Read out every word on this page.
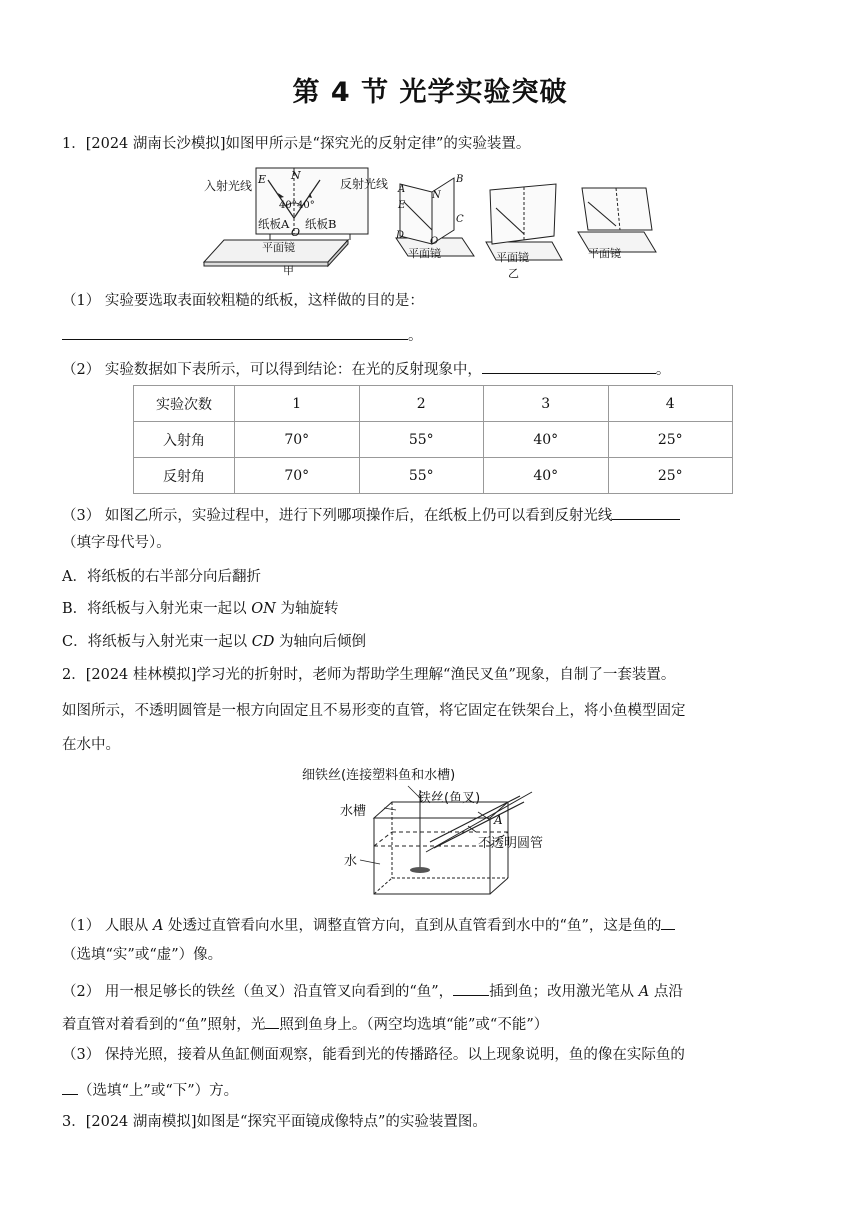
第 4 节 光学实验突破
1．[2024 湖南长沙模拟]如图甲所示是“探究光的反射定律”的实验装置。
入射光线	反射光线
E N
40° 40°
纸板A 纸板B
O
平面镜
甲
A
B
E
N
C
D
O
平面镜	平面镜	平面镜
乙
（1） 实验要选取表面较粗糙的纸板，这样做的目的是：
。
（2） 实验数据如下表所示，可以得到结论：在光的反射现象中，	。
实验次数	1	2	3	4
入射角	70°	55°	40°	25°
反射角	70°	55°	40°	25°
（3） 如图乙所示，实验过程中，进行下列哪项操作后，在纸板上仍可以看到反射光线
（填字母代号）。
A．将纸板的右半部分向后翻折
B．将纸板与入射光束一起以 ON 为轴旋转
C．将纸板与入射光束一起以 CD 为轴向后倾倒
2．[2024 桂林模拟]学习光的折射时，老师为帮助学生理解“渔民叉鱼”现象，自制了一套装置。
如图所示，不透明圆管是一根方向固定且不易形变的直管，将它固定在铁架台上，将小鱼模型固定
在水中。
细铁丝(连接塑料鱼和水槽)
铁丝(鱼叉)
水槽
A
不透明圆管
水
（1） 人眼从 A 处透过直管看向水里，调整直管方向，直到从直管看到水中的“鱼”，这是鱼的
（选填“实”或“虚”）像。
（2） 用一根足够长的铁丝（鱼叉）沿直管叉向看到的“鱼”， 插到鱼；改用激光笔从 A 点沿
着直管对着看到的“鱼”照射，光 照到鱼身上。（两空均选填“能”或“不能”）
（3） 保持光照，接着从鱼缸侧面观察，能看到光的传播路径。以上现象说明，鱼的像在实际鱼的
（选填“上”或“下”）方。
3．[2024 湖南模拟]如图是“探究平面镜成像特点”的实验装置图。
